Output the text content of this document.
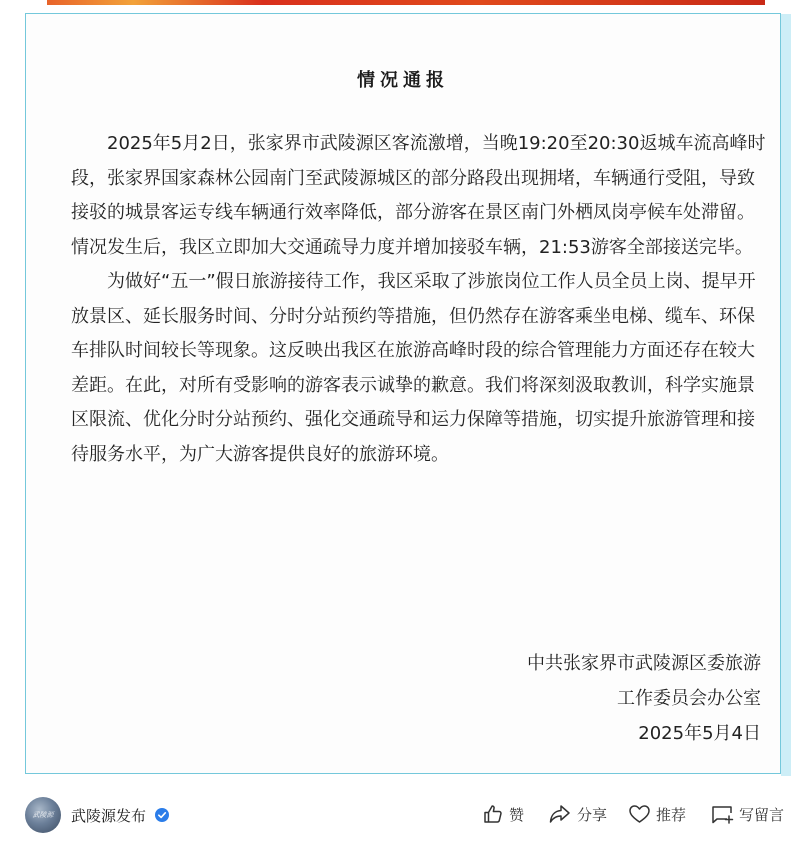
情况通报

2025年5月2日，张家界市武陵源区客流激增，当晚19:20至20:30返城车流高峰时段，张家界国家森林公园南门至武陵源城区的部分路段出现拥堵，车辆通行受阻，导致接驳的城景客运专线车辆通行效率降低，部分游客在景区南门外栖凤岗亭候车处滞留。情况发生后，我区立即加大交通疏导力度并增加接驳车辆，21:53游客全部接送完毕。

为做好“五一”假日旅游接待工作，我区采取了涉旅岗位工作人员全员上岗、提早开放景区、延长服务时间、分时分站预约等措施，但仍然存在游客乘坐电梯、缆车、环保车排队时间较长等现象。这反映出我区在旅游高峰时段的综合管理能力方面还存在较大差距。在此，对所有受影响的游客表示诚挚的歉意。我们将深刻汲取教训，科学实施景区限流、优化分时分站预约、强化交通疏导和运力保障等措施，切实提升旅游管理和接待服务水平，为广大游客提供良好的旅游环境。

中共张家界市武陵源区委旅游
工作委员会办公室
2025年5月4日
武陵源	武陵源发布	赞	分享	推荐	写留言
